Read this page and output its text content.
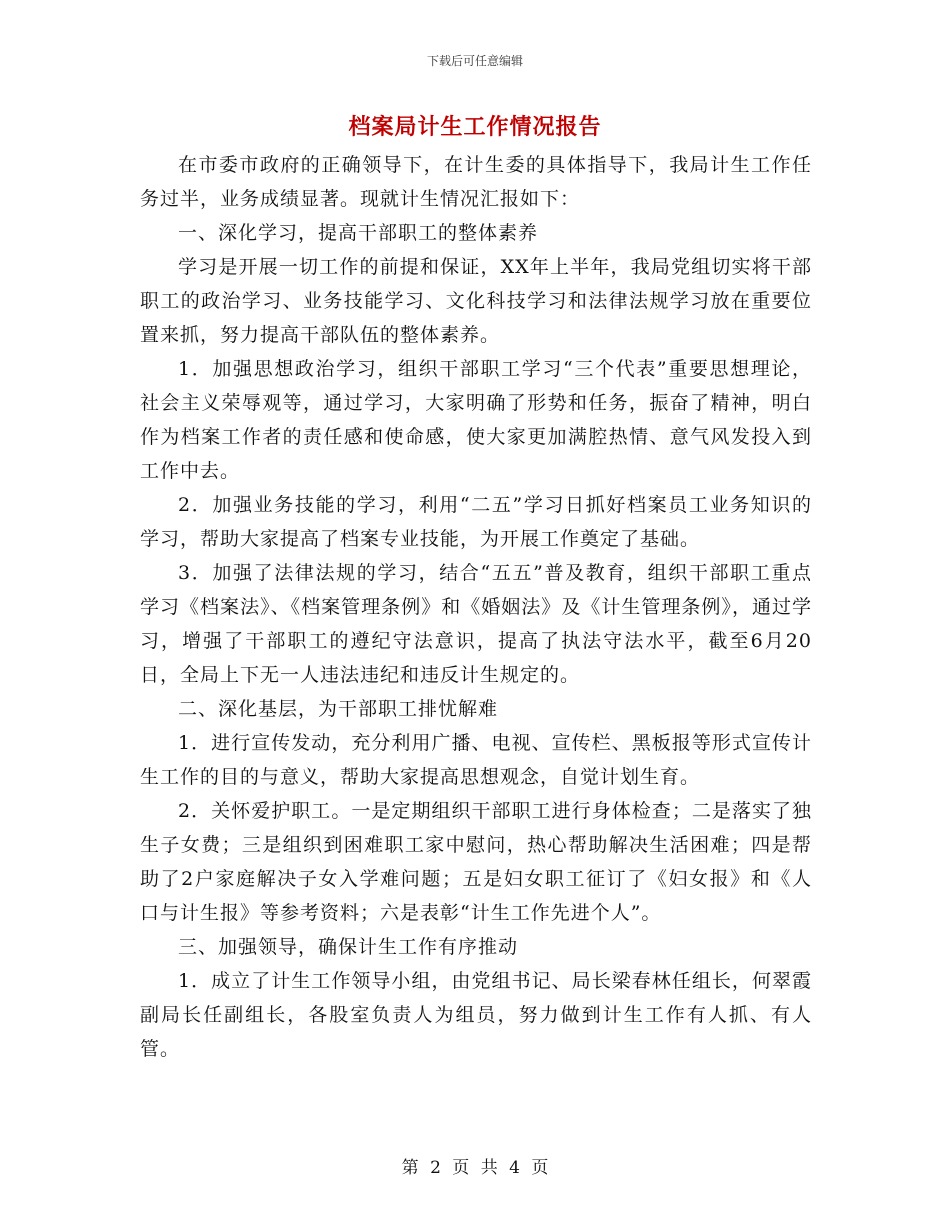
下载后可任意编辑
档案局计生工作情况报告

在市委市政府的正确领导下，在计生委的具体指导下，我局计生工作任务过半，业务成绩显著。现就计生情况汇报如下：

一、深化学习，提高干部职工的整体素养

学习是开展一切工作的前提和保证，XX年上半年，我局党组切实将干部职工的政治学习、业务技能学习、文化科技学习和法律法规学习放在重要位置来抓，努力提高干部队伍的整体素养。

1．加强思想政治学习，组织干部职工学习“三个代表”重要思想理论，社会主义荣辱观等，通过学习，大家明确了形势和任务，振奋了精神，明白作为档案工作者的责任感和使命感，使大家更加满腔热情、意气风发投入到工作中去。

2．加强业务技能的学习，利用“二五”学习日抓好档案员工业务知识的学习，帮助大家提高了档案专业技能，为开展工作奠定了基础。

3．加强了法律法规的学习，结合“五五”普及教育，组织干部职工重点学习《档案法》、《档案管理条例》和《婚姻法》及《计生管理条例》，通过学习，增强了干部职工的遵纪守法意识，提高了执法守法水平，截至6月20日，全局上下无一人违法违纪和违反计生规定的。

二、深化基层，为干部职工排忧解难

1．进行宣传发动，充分利用广播、电视、宣传栏、黑板报等形式宣传计生工作的目的与意义，帮助大家提高思想观念，自觉计划生育。

2．关怀爱护职工。一是定期组织干部职工进行身体检查；二是落实了独生子女费；三是组织到困难职工家中慰问，热心帮助解决生活困难；四是帮助了2户家庭解决子女入学难问题；五是妇女职工征订了《妇女报》和《人口与计生报》等参考资料；六是表彰“计生工作先进个人”。

三、加强领导，确保计生工作有序推动

1．成立了计生工作领导小组，由党组书记、局长梁春林任组长，何翠霞副局长任副组长，各股室负责人为组员，努力做到计生工作有人抓、有人管。

第 2 页 共 4 页
